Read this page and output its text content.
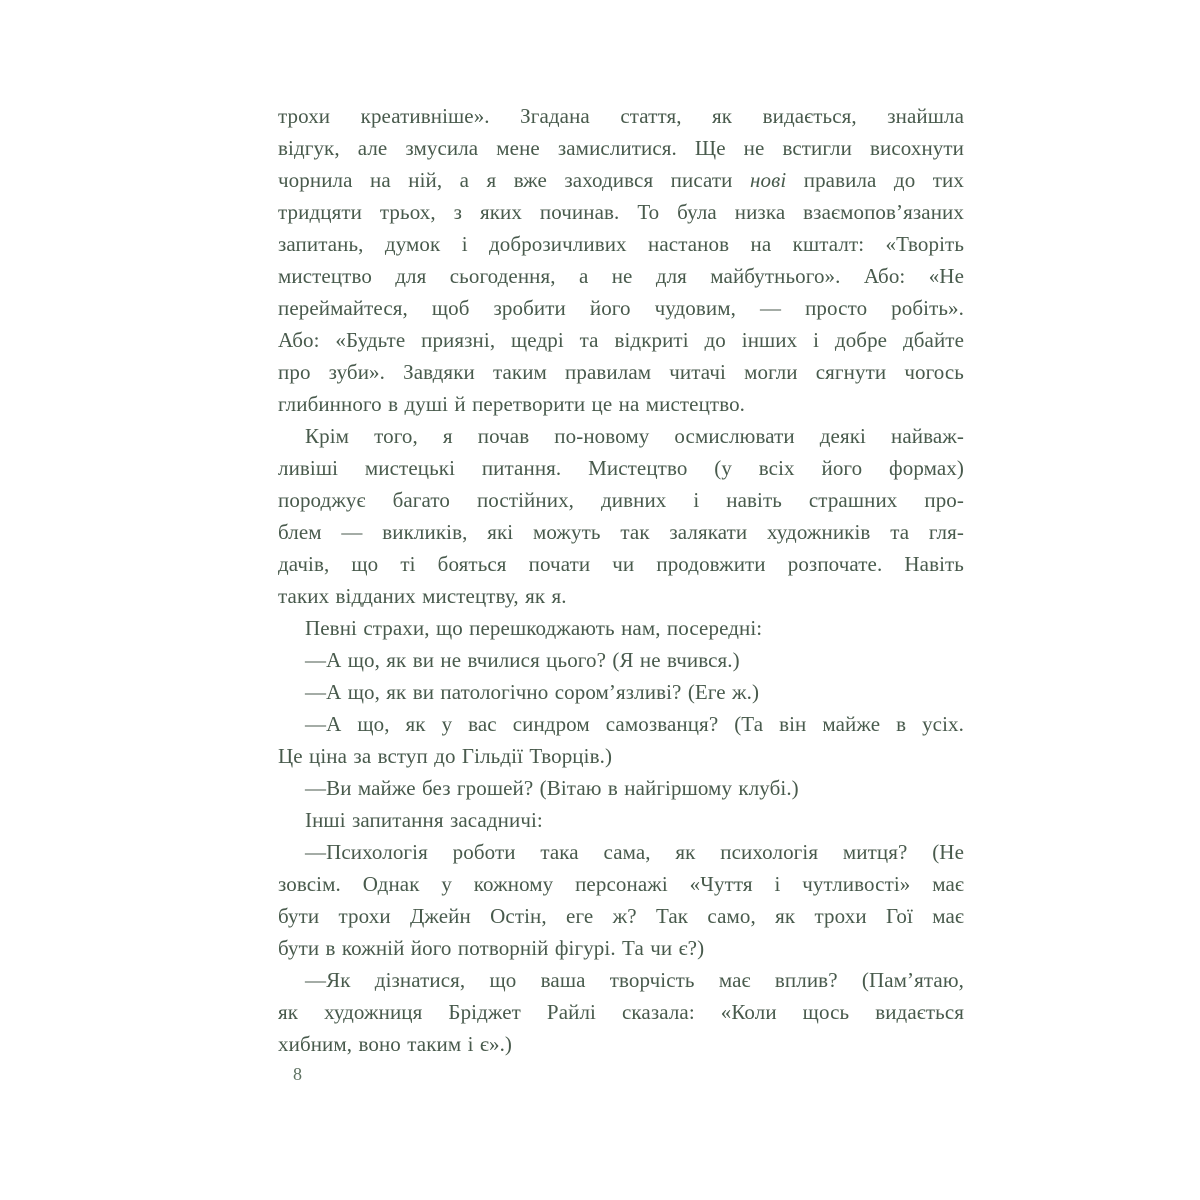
трохи креативніше». Згадана стаття, як видається, знайшла
відгук, але змусила мене замислитися. Ще не встигли висохнути
чорнила на ній, а я вже заходився писати нові правила до тих
тридцяти трьох, з яких починав. То була низка взаємопов’язаних
запитань, думок і доброзичливих настанов на кшталт: «Творіть
мистецтво для сьогодення, а не для майбутнього». Або: «Не
переймайтеся, щоб зробити його чудовим, — просто робіть».
Або: «Будьте приязні, щедрі та відкриті до інших і добре дбайте
про зуби». Завдяки таким правилам читачі могли сягнути чогось
глибинного в душі й перетворити це на мистецтво.
Крім того, я почав по-новому осмислювати деякі найваж-
ливіші мистецькі питання. Мистецтво (у всіх його формах)
породжує багато постійних, дивних і навіть страшних про-
блем — викликів, які можуть так залякати художників та гля-
дачів, що ті бояться почати чи продовжити розпочате. Навіть
таких відданих мистецтву, як я.
Певні страхи, що перешкоджають нам, посередні:
—А що, як ви не вчилися цього? (Я не вчився.)
—А що, як ви патологічно сором’язливі? (Еге ж.)
—А що, як у вас синдром самозванця? (Та він майже в усіх.
Це ціна за вступ до Гільдії Творців.)
—Ви майже без грошей? (Вітаю в найгіршому клубі.)
Інші запитання засадничі:
—Психологія роботи така сама, як психологія митця? (Не
зовсім. Однак у кожному персонажі «Чуття і чутливості» має
бути трохи Джейн Остін, еге ж? Так само, як трохи Гої має
бути в кожній його потворній фігурі. Та чи є?)
—Як дізнатися, що ваша творчість має вплив? (Пам’ятаю,
як художниця Бріджет Райлі сказала: «Коли щось видається
хибним, воно таким і є».)
8
